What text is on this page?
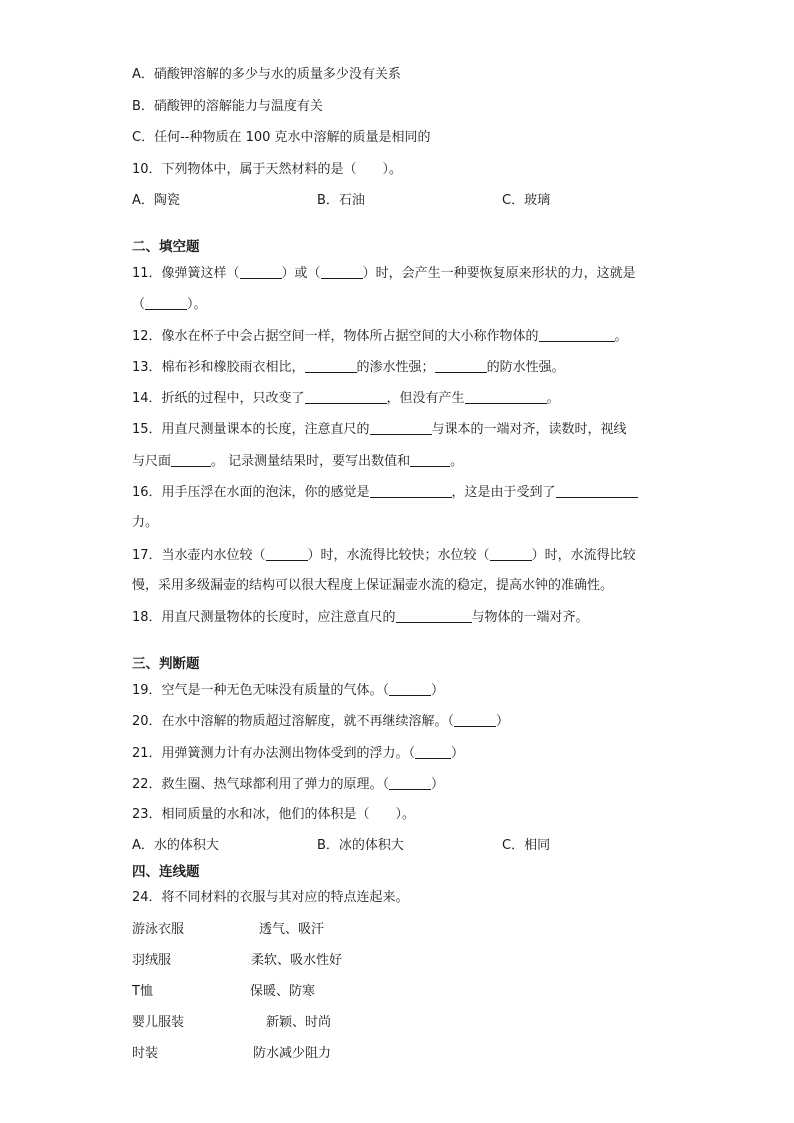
A．硝酸钾溶解的多少与水的质量多少没有关系
B．硝酸钾的溶解能力与温度有关
C．任何--种物质在 100 克水中溶解的质量是相同的
10．下列物体中，属于天然材料的是（　　）。
A．陶瓷	B．石油	C．玻璃
二、填空题
11．像弹簧这样（	）或（	）时，会产生一种要恢复原来形状的力，这就是
（	）。
12．像水在杯子中会占据空间一样，物体所占据空间的大小称作物体的	。
13．棉布衫和橡胶雨衣相比，	的渗水性强；	的防水性强。
14．折纸的过程中，只改变了	，但没有产生	。
15．用直尺测量课本的长度，注意直尺的	与课本的一端对齐，读数时，视线
与尺面	。 记录测量结果时，要写出数值和	。
16．用手压浮在水面的泡沫，你的感觉是	，这是由于受到了
力。
17．当水壶内水位较（	）时，水流得比较快；水位较（	）时，水流得比较
慢，采用多级漏壶的结构可以很大程度上保证漏壶水流的稳定，提高水钟的准确性。
18．用直尺测量物体的长度时，应注意直尺的	与物体的一端对齐。
三、判断题
19．空气是一种无色无味没有质量的气体。（	）
20．在水中溶解的物质超过溶解度，就不再继续溶解。（	）
21．用弹簧测力计有办法测出物体受到的浮力。（	）
22．救生圈、热气球都利用了弹力的原理。（	）
23．相同质量的水和冰，他们的体积是（　　）。
A．水的体积大	B．冰的体积大	C．相同
四、连线题
24．将不同材料的衣服与其对应的特点连起来。
游泳衣服	透气、吸汗
羽绒服	柔软、吸水性好
T恤	保暖、防寒
婴儿服装	新颖、时尚
时装	防水减少阻力
